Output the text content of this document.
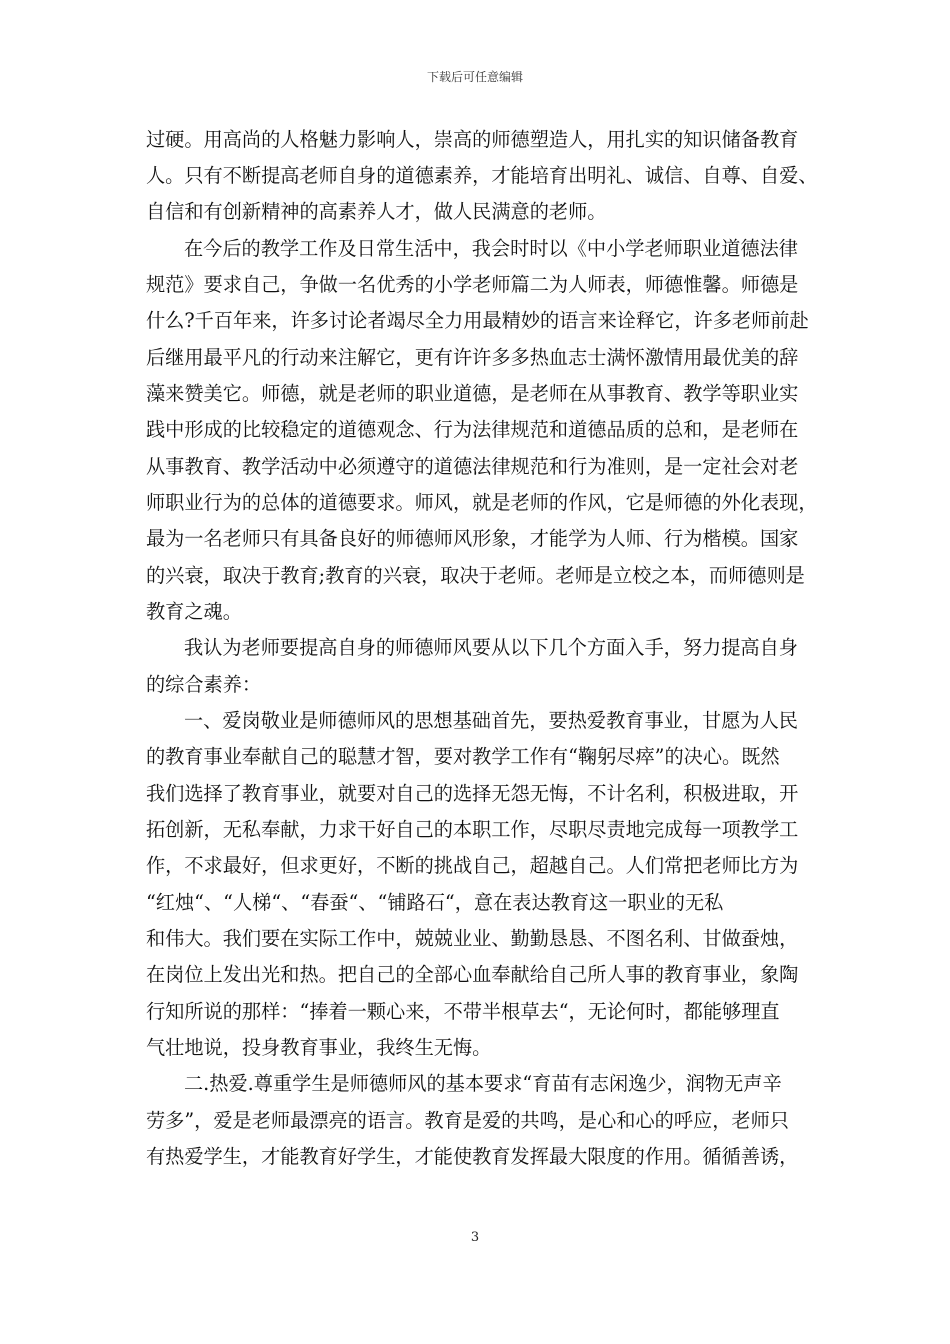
下载后可任意编辑
过硬。用高尚的人格魅力影响人，崇高的师德塑造人，用扎实的知识储备教育
人。只有不断提高老师自身的道德素养，才能培育出明礼、诚信、自尊、自爱、
自信和有创新精神的高素养人才，做人民满意的老师。
在今后的教学工作及日常生活中，我会时时以《中小学老师职业道德法律
规范》要求自己，争做一名优秀的小学老师篇二为人师表，师德惟馨。师德是
什么?千百年来，许多讨论者竭尽全力用最精妙的语言来诠释它，许多老师前赴
后继用最平凡的行动来注解它，更有许许多多热血志士满怀激情用最优美的辞
藻来赞美它。师德，就是老师的职业道德，是老师在从事教育、教学等职业实
践中形成的比较稳定的道德观念、行为法律规范和道德品质的总和，是老师在
从事教育、教学活动中必须遵守的道德法律规范和行为准则，是一定社会对老
师职业行为的总体的道德要求。师风，就是老师的作风，它是师德的外化表现，
最为一名老师只有具备良好的师德师风形象，才能学为人师、行为楷模。国家
的兴衰，取决于教育;教育的兴衰，取决于老师。老师是立校之本，而师德则是
教育之魂。
我认为老师要提高自身的师德师风要从以下几个方面入手，努力提高自身
的综合素养：
一、爱岗敬业是师德师风的思想基础首先，要热爱教育事业，甘愿为人民
的教育事业奉献自己的聪慧才智，要对教学工作有“鞠躬尽瘁”的决心。既然
我们选择了教育事业，就要对自己的选择无怨无悔，不计名利，积极进取，开
拓创新，无私奉献，力求干好自己的本职工作，尽职尽责地完成每一项教学工
作，不求最好，但求更好，不断的挑战自己，超越自己。人们常把老师比方为
“红烛“、“人梯“、“春蚕“、“铺路石“，意在表达教育这一职业的无私
和伟大。我们要在实际工作中，兢兢业业、勤勤恳恳、不图名利、甘做蚕烛，
在岗位上发出光和热。把自己的全部心血奉献给自己所人事的教育事业，象陶
行知所说的那样：“捧着一颗心来，不带半根草去“，无论何时，都能够理直
气壮地说，投身教育事业，我终生无悔。
二.热爱.尊重学生是师德师风的基本要求“育苗有志闲逸少，润物无声辛
劳多”，爱是老师最漂亮的语言。教育是爱的共鸣，是心和心的呼应，老师只
有热爱学生，才能教育好学生，才能使教育发挥最大限度的作用。循循善诱，
3
